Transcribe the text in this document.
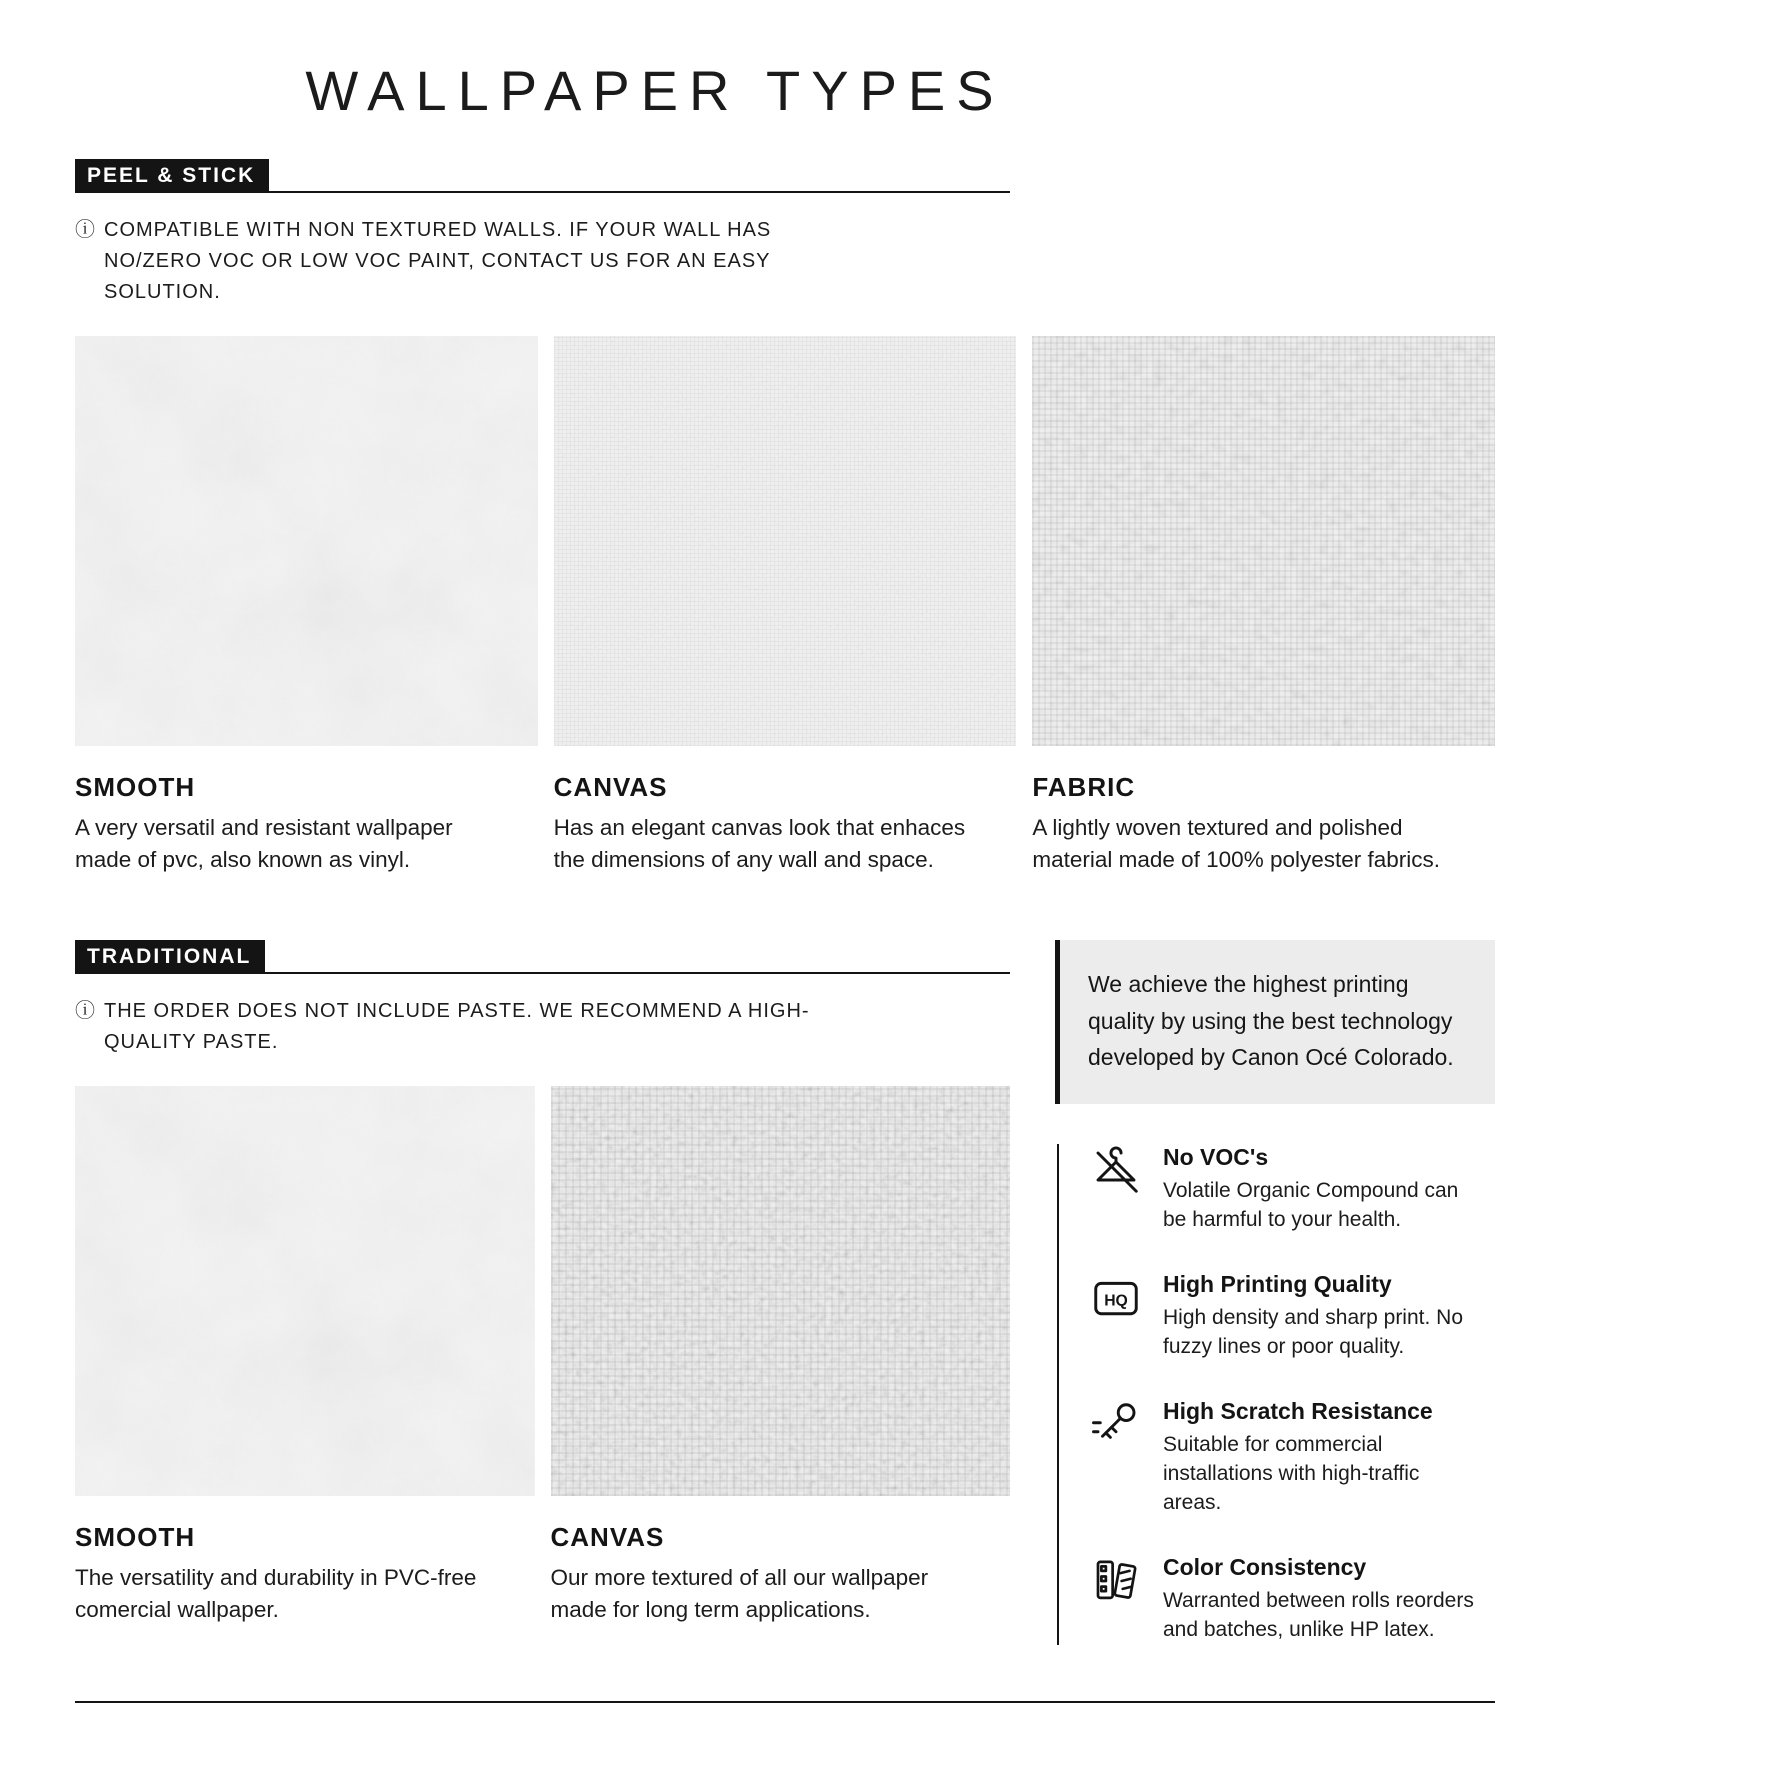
WALLPAPER TYPES
PEEL & STICK
ⓘ COMPATIBLE WITH NON TEXTURED WALLS. IF YOUR WALL HAS NO/ZERO VOC OR LOW VOC PAINT, CONTACT US FOR AN EASY SOLUTION.
SMOOTH

A very versatil and resistant wallpaper made of pvc, also known as vinyl.

CANVAS

Has an elegant canvas look that enhaces the dimensions of any wall and space.

FABRIC

A lightly woven textured and polished material made of 100% polyester fabrics.

TRADITIONAL
ⓘ THE ORDER DOES NOT INCLUDE PASTE. WE RECOMMEND A HIGH-QUALITY PASTE.
SMOOTH

The versatility and durability in PVC-free comercial wallpaper.

CANVAS

Our more textured of all our wallpaper made for long term applications.

We achieve the highest printing quality by using the best technology developed by Canon Océ Colorado.
No VOC's
Volatile Organic Compound can be harmful to your health.
HQ
High Printing Quality
High density and sharp print. No fuzzy lines or poor quality.
High Scratch Resistance
Suitable for commercial installations with high-traffic areas.
Color Consistency
Warranted between rolls reorders and batches, unlike HP latex.
